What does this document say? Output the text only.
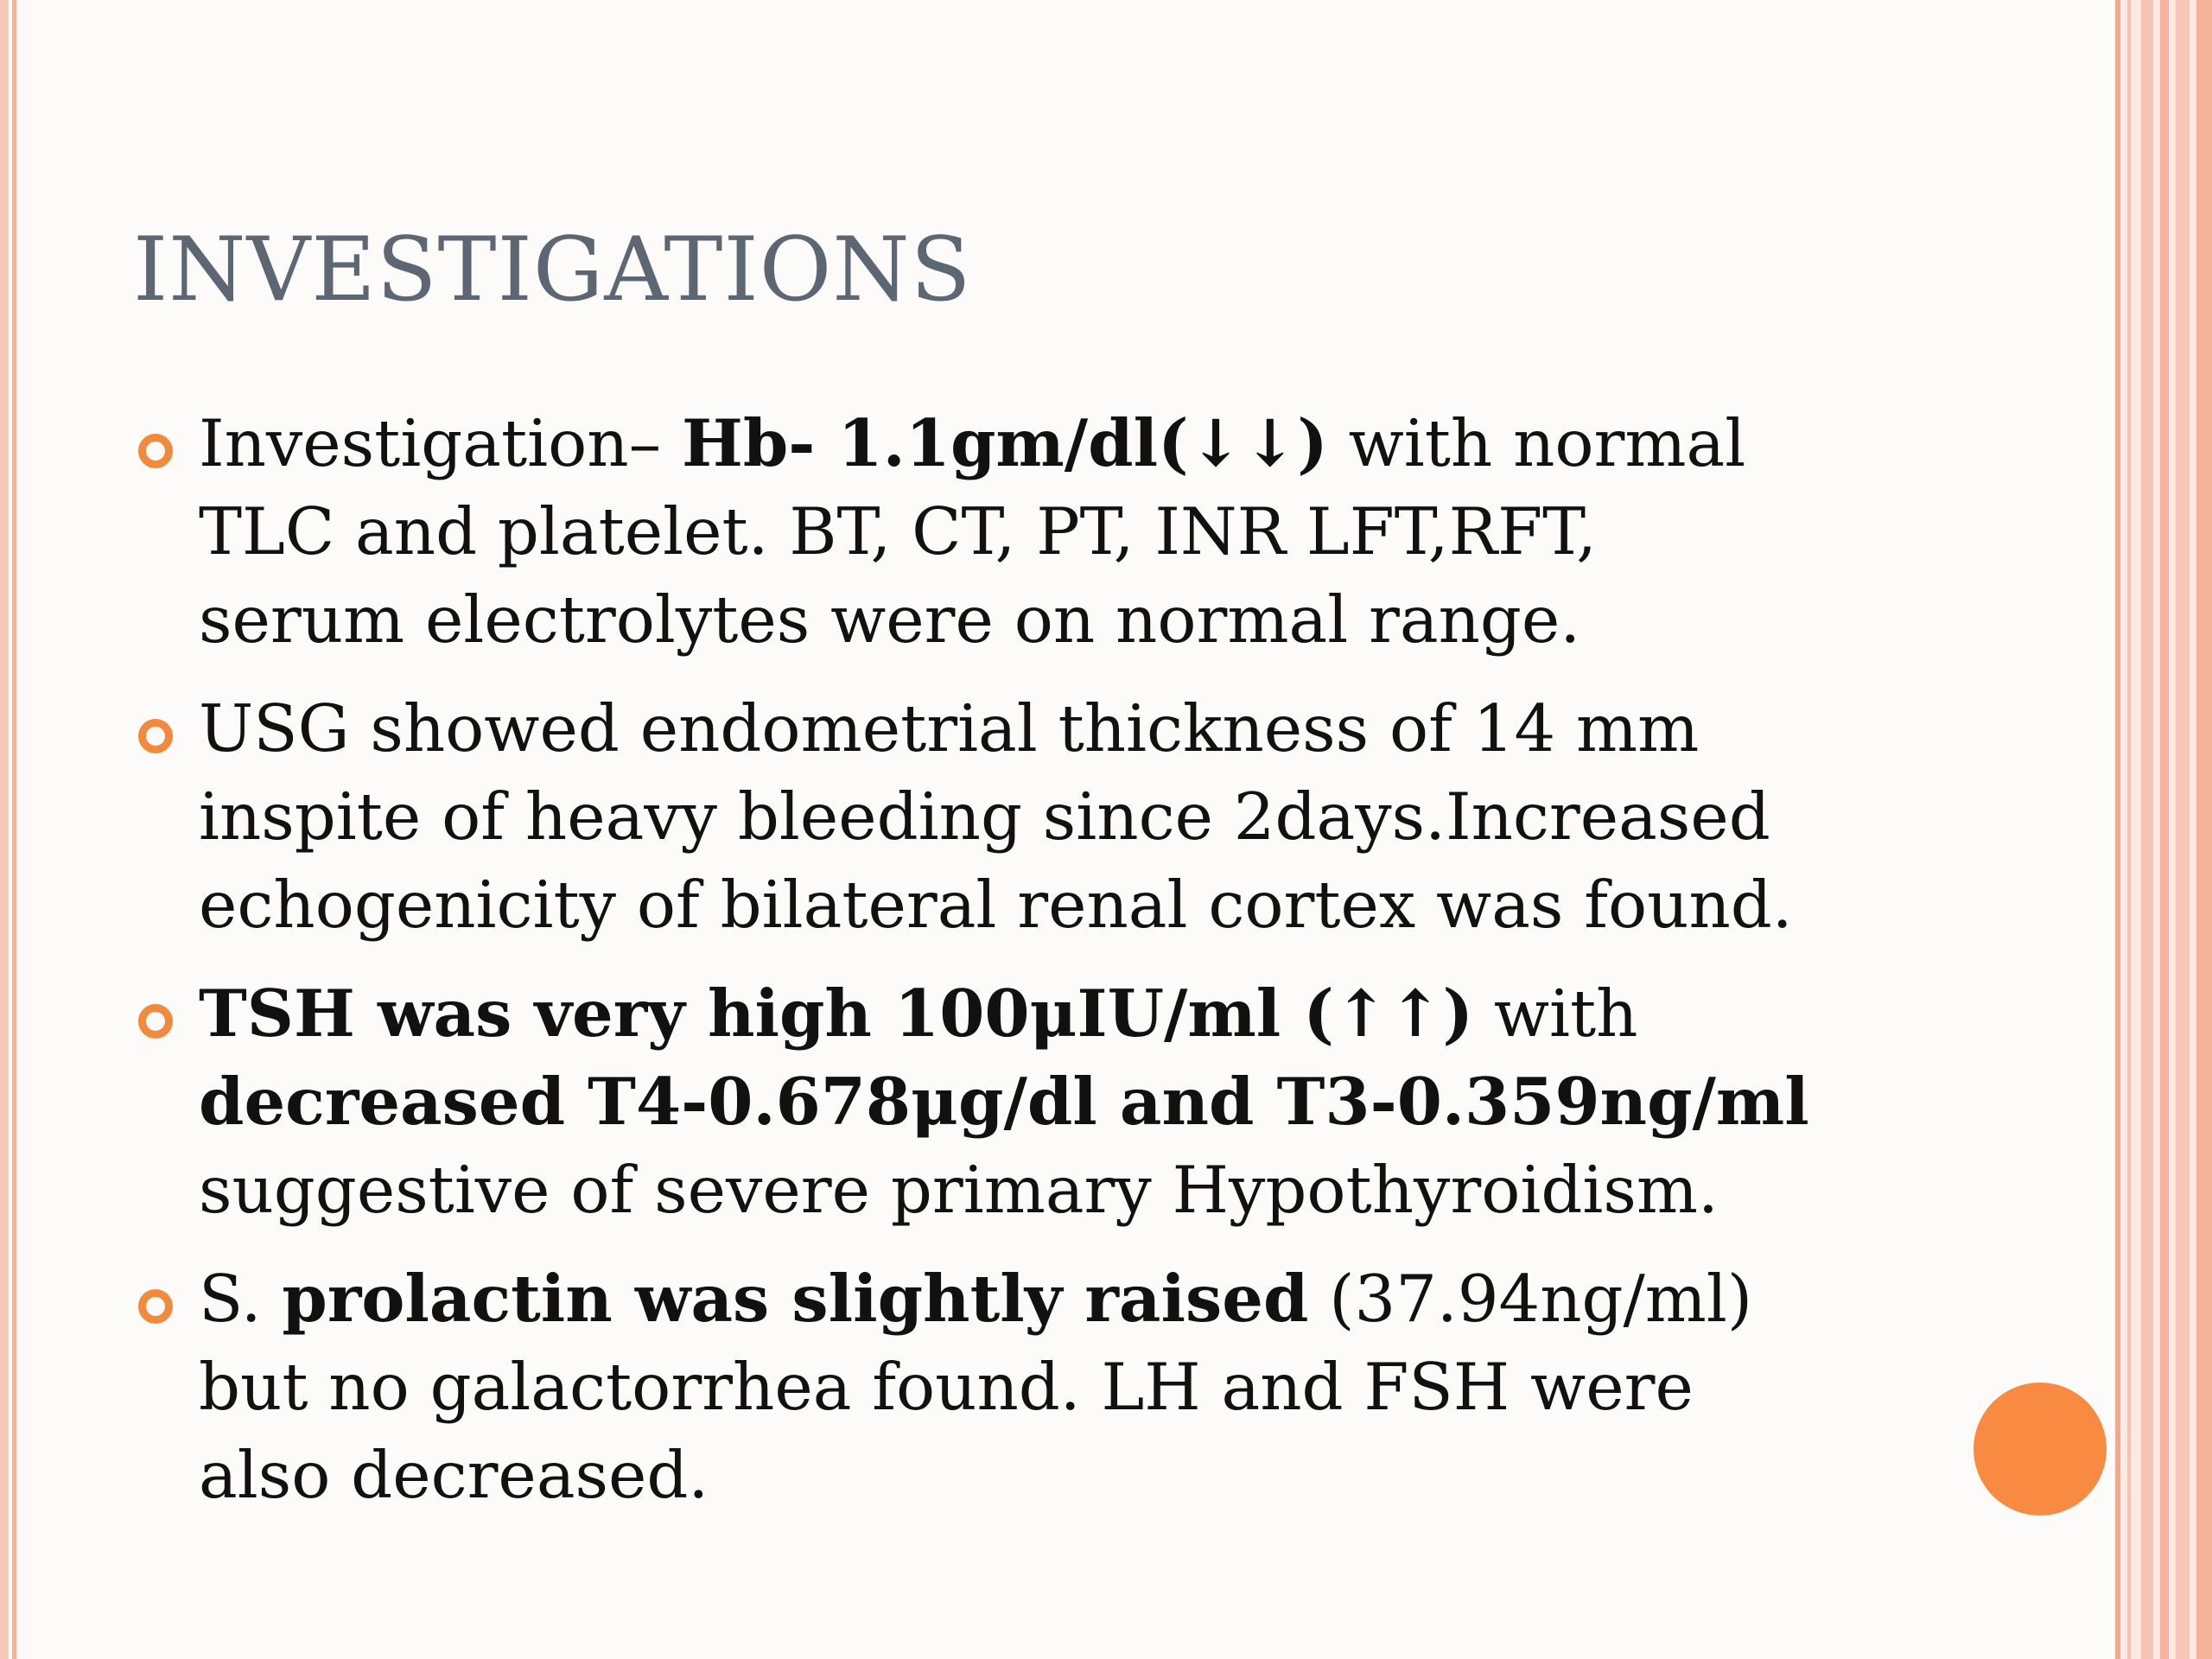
INVESTIGATIONS
Investigation– Hb- 1.1gm/dl(↓↓) with normal
TLC and platelet. BT, CT, PT, INR LFT,RFT,
serum electrolytes were on normal range.
USG showed endometrial thickness of 14 mm
inspite of heavy bleeding since 2days.Increased
echogenicity of bilateral renal cortex was found.
TSH was very high 100μIU/ml (↑↑) with
decreased T4-0.678μg/dl and T3-0.359ng/ml
suggestive of severe primary Hypothyroidism.
S. prolactin was slightly raised (37.94ng/ml)
but no galactorrhea found. LH and FSH were
also decreased.
